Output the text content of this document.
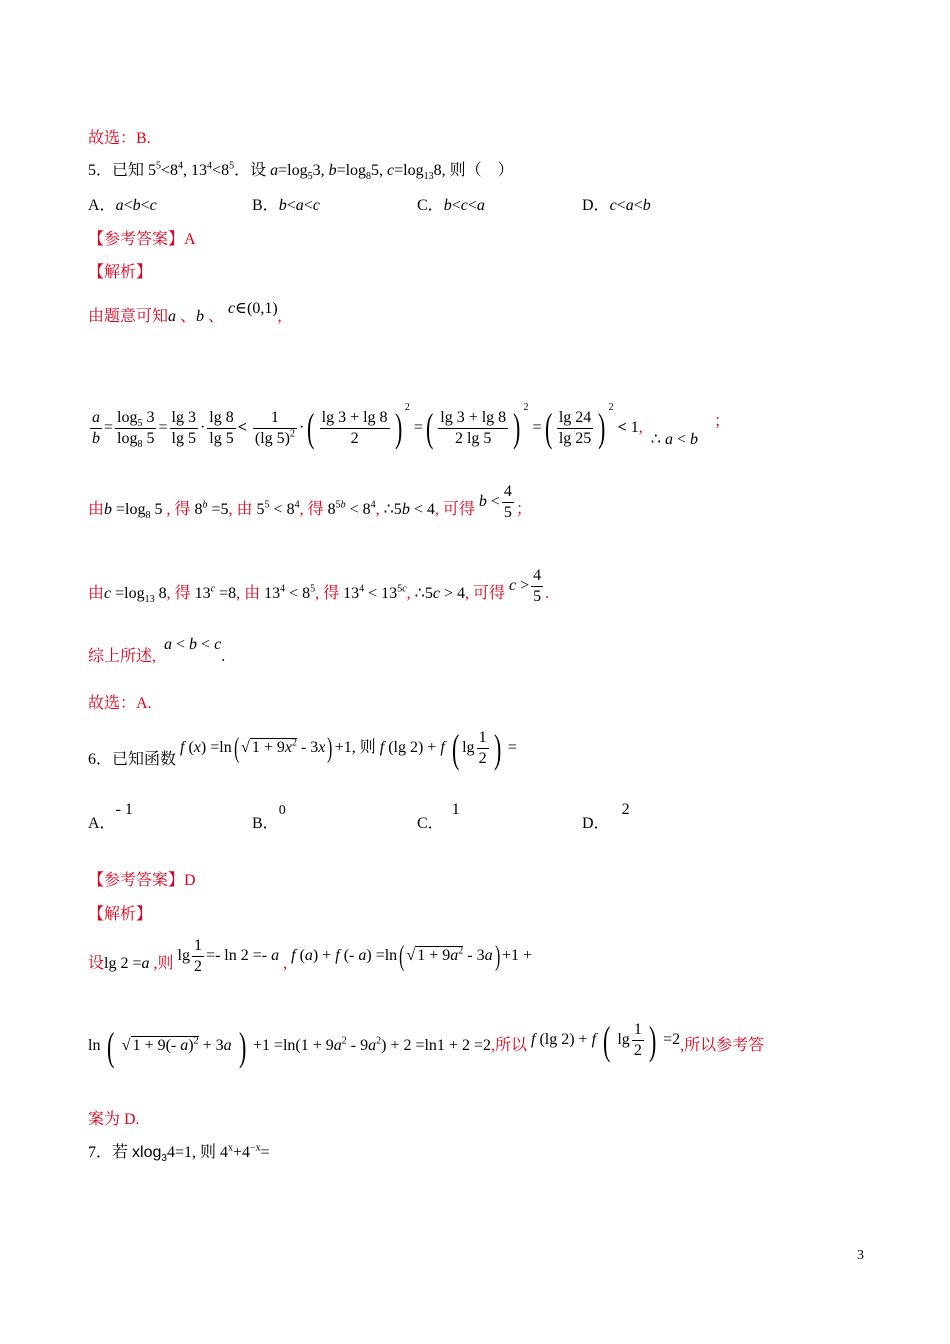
故选：B.
5．已知 $5^5<8^4$, $13^4<8^5$．设 $a=\log_53$, $b=\log_85$, $c=\log_{13}8$, 则（    ）
A．a<b<c	B．b<a<c	C．b<c<a	D．c<a<b
【参考答案】A
【解析】
由题意可知a 、b 、 c∈(0,1),
$\frac{a}{b} = \frac{\log_5 3}{\log_8 5} = \frac{\lg 3}{\lg 5} \cdot \frac{\lg 8}{\lg 5} < \frac{1}{(\lg 5)^2}$ ·( $\frac{\lg 3 + \lg 8}{2}$ ) $^2$ =( $\frac{\lg 3 + \lg 8}{2 \lg 5}$ ) $^2$ =( $\frac{\lg 24}{\lg 25}$ ) $^2$ < 1, ∴ a < b；
由$b =\log_8$ 5 , 得 $8^b =5$, 由 $5^5 < 8^4$, 得 $8^{5b} < 8^4$, ∴5b < 4, 可得 $b < \frac{4}{5}$ ；
由$c =\log_{13}$ 8, 得 $13^c =8$, 由 $13^4 < 8^5$, 得 $13^4 < 13^{5c}$, ∴5c > 4, 可得 $c > \frac{4}{5}$ .
综上所述, a < b < c.
故选：A.
6．已知函数 f (x) =ln( √ $1 + 9x^2 - 3x) +1$, 则 f (lg 2) + f ( $\lg \frac{1}{2}$ ) =
A．- 1
B．0
C．1
D．2
【参考答案】D
【解析】
设lg 2 =a ,则 $\lg \frac{1}{2} =- \ln 2 =- a$ , f (a) + f (- a) =ln( √ $1 + 9a^2 - 3a) +1$ +
ln ( √ 1 + 9(- a)$^2$ + 3a ) $+1 =\ln(1 + 9a^2 - 9a^2) + 2 =\ln 1 + 2 =2$,所以 f (lg 2) + f ( $\lg \frac{1}{2}$ ) =2,所以参考答
案为 D.
7．若 xlog$_3$4=1, 则 $4^x+4^{-x}=$
3
